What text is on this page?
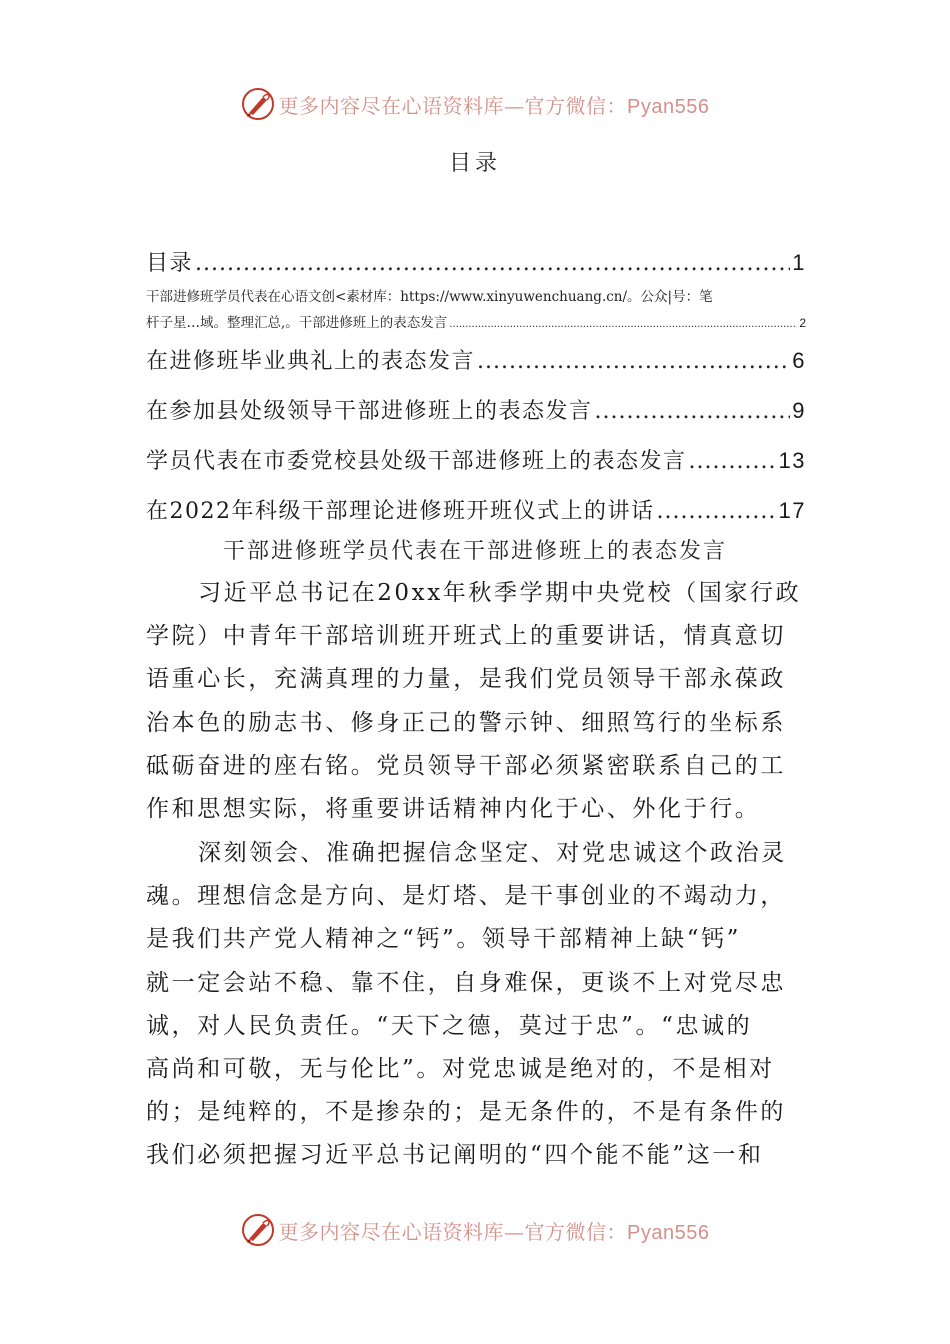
更多内容尽在心语资料库—官方微信：Pyan556
目录
目录 .....	1
干部进修班学员代表在心语文创<素材库：https://www.xinyuwenchuang.cn/。公众|号：笔
杆子星…域。整理汇总,。干部进修班上的表态发言 .....	2
在进修班毕业典礼上的表态发言 .....	6
在参加县处级领导干部进修班上的表态发言 .....	9
学员代表在市委党校县处级干部进修班上的表态发言 .....	13
在2022年科级干部理论进修班开班仪式上的讲话 .....	17
干部进修班学员代表在干部进修班上的表态发言
习近平总书记在20xx年秋季学期中央党校（国家行政
学院）中青年干部培训班开班式上的重要讲话，情真意切
语重心长，充满真理的力量，是我们党员领导干部永葆政
治本色的励志书、修身正己的警示钟、细照笃行的坐标系
砥砺奋进的座右铭。党员领导干部必须紧密联系自己的工
作和思想实际，将重要讲话精神内化于心、外化于行。
深刻领会、准确把握信念坚定、对党忠诚这个政治灵
魂。理想信念是方向、是灯塔、是干事创业的不竭动力，
是我们共产党人精神之“钙”。领导干部精神上缺“钙”
就一定会站不稳、靠不住，自身难保，更谈不上对党尽忠
诚，对人民负责任。“天下之德，莫过于忠”。“忠诚的
高尚和可敬，无与伦比”。对党忠诚是绝对的，不是相对
的；是纯粹的，不是掺杂的；是无条件的，不是有条件的
我们必须把握习近平总书记阐明的“四个能不能”这一和
更多内容尽在心语资料库—官方微信：Pyan556
